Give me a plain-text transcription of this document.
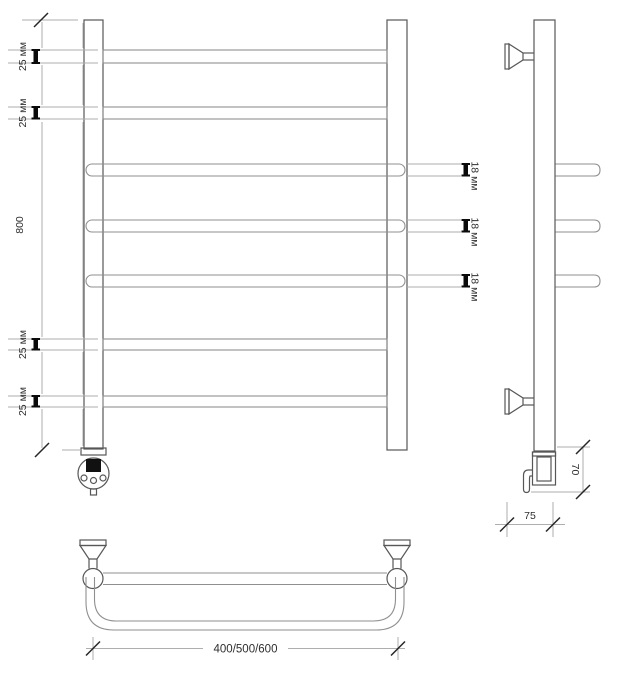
25 мм
25 мм
25 мм
25 мм
800
18 мм
18 мм
18 мм
70
75
400/500/600
